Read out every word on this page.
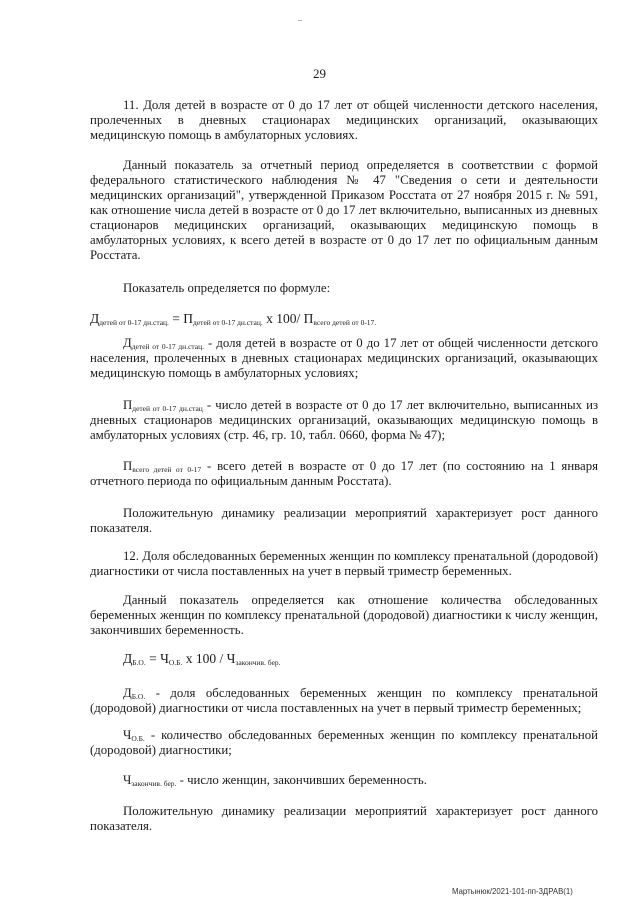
29
11. Доля детей в возрасте от 0 до 17 лет от общей численности детского населения, пролеченных в дневных стационарах медицинских организаций, оказывающих медицинскую помощь в амбулаторных условиях.
Данный показатель за отчетный период определяется в соответствии с формой федерального статистического наблюдения № 47 "Сведения о сети и деятельности медицинских организаций", утвержденной Приказом Росстата от 27 ноября 2015 г. № 591, как отношение числа детей в возрасте от 0 до 17 лет включительно, выписанных из дневных стационаров медицинских организаций, оказывающих медицинскую помощь в амбулаторных условиях, к всего детей в возрасте от 0 до 17 лет по официальным данным Росстата.
Показатель определяется по формуле:
$Д_{детей от 0-17 дн.стац.} = П_{детей от 0-17 дн.стац.}$ х 100/ $П_{всего детей от 0-17.}$
$Д_{детей от 0-17 дн.стац.}$ - доля детей в возрасте от 0 до 17 лет от общей численности детского населения, пролеченных в дневных стационарах медицинских организаций, оказывающих медицинскую помощь в амбулаторных условиях;
$П_{детей от 0-17 дн.стац}$ - число детей в возрасте от 0 до 17 лет включительно, выписанных из дневных стационаров медицинских организаций, оказывающих медицинскую помощь в амбулаторных условиях (стр. 46, гр. 10, табл. 0660, форма № 47);
$П_{всего детей от 0-17}$ - всего детей в возрасте от 0 до 17 лет (по состоянию на 1 января отчетного периода по официальным данным Росстата).
Положительную динамику реализации мероприятий характеризует рост данного показателя.
12. Доля обследованных беременных женщин по комплексу пренатальной (дородовой) диагностики от числа поставленных на учет в первый триместр беременных.
Данный показатель определяется как отношение количества обследованных беременных женщин по комплексу пренатальной (дородовой) диагностики к числу женщин, закончивших беременность.
$Д_{Б.О.} = Ч_{О.Б.}$ х $100 / Ч_{закончив. бер.}$
$Д_{Б.О.}$ - доля обследованных беременных женщин по комплексу пренатальной (дородовой) диагностики от числа поставленных на учет в первый триместр беременных;
$Ч_{О.Б.}$ - количество обследованных беременных женщин по комплексу пренатальной (дородовой) диагностики;
$Ч_{закончив. бер.}$ - число женщин, закончивших беременность.
Положительную динамику реализации мероприятий характеризует рост данного показателя.
Мартынюк/2021-101-пп-3ДРАВ(1)
